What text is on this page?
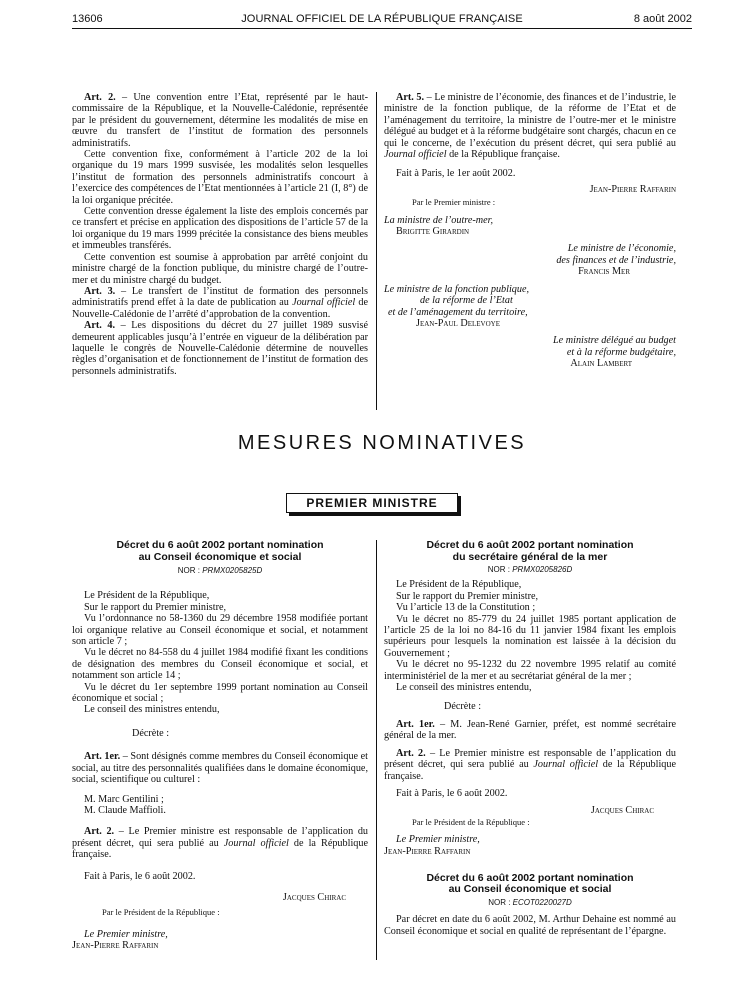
13606	JOURNAL OFFICIEL DE LA RÉPUBLIQUE FRANÇAISE	8 août 2002

Art. 2. – Une convention entre l’Etat, représenté par le haut-commissaire de la République, et la Nouvelle-Calédonie, représentée par le président du gouvernement, détermine les modalités de mise en œuvre du transfert de l’institut de formation des personnels administratifs.

Cette convention fixe, conformément à l’article 202 de la loi organique du 19 mars 1999 susvisée, les modalités selon lesquelles l’institut de formation des personnels administratifs concourt à l’exercice des compétences de l’Etat mentionnées à l’article 21 (I, 8°) de la loi organique précitée.

Cette convention dresse également la liste des emplois concernés par ce transfert et précise en application des dispositions de l’article 57 de la loi organique du 19 mars 1999 précitée la consistance des biens meubles et immeubles transférés.

Cette convention est soumise à approbation par arrêté conjoint du ministre chargé de la fonction publique, du ministre chargé de l’outre-mer et du ministre chargé du budget.

Art. 3. – Le transfert de l’institut de formation des personnels administratifs prend effet à la date de publication au Journal officiel de Nouvelle-Calédonie de l’arrêté d’approbation de la convention.

Art. 4. – Les dispositions du décret du 27 juillet 1989 susvisé demeurent applicables jusqu’à l’entrée en vigueur de la délibération par laquelle le congrès de Nouvelle-Calédonie détermine de nouvelles règles d’organisation et de fonctionnement de l’institut de formation des personnels administratifs.

Art. 5. – Le ministre de l’économie, des finances et de l’industrie, le ministre de la fonction publique, de la réforme de l’Etat et de l’aménagement du territoire, la ministre de l’outre-mer et le ministre délégué au budget et à la réforme budgétaire sont chargés, chacun en ce qui le concerne, de l’exécution du présent décret, qui sera publié au Journal officiel de la République française.

Fait à Paris, le 1er août 2002.

Jean-Pierre Raffarin

Par le Premier ministre :

La ministre de l’outre-mer,

Brigitte Girardin

Le ministre de l’économie,

des finances et de l’industrie,

Francis Mer

Le ministre de la fonction publique,

de la réforme de l’Etat

et de l’aménagement du territoire,

Jean-Paul Delevoye

Le ministre délégué au budget

et à la réforme budgétaire,

Alain Lambert

MESURES NOMINATIVES
PREMIER MINISTRE
Décret du 6 août 2002 portant nomination
au Conseil économique et social
NOR : PRMX0205825D

Le Président de la République,

Sur le rapport du Premier ministre,

Vu l’ordonnance no 58-1360 du 29 décembre 1958 modifiée portant loi organique relative au Conseil économique et social, et notamment son article 7 ;

Vu le décret no 84-558 du 4 juillet 1984 modifié fixant les conditions de désignation des membres du Conseil économique et social, et notamment son article 14 ;

Vu le décret du 1er septembre 1999 portant nomination au Conseil économique et social ;

Le conseil des ministres entendu,

Décrète :

Art. 1er. – Sont désignés comme membres du Conseil économique et social, au titre des personnalités qualifiées dans le domaine économique, social, scientifique ou culturel :

M. Marc Gentilini ;

M. Claude Maffioli.

Art. 2. – Le Premier ministre est responsable de l’application du présent décret, qui sera publié au Journal officiel de la République française.

Fait à Paris, le 6 août 2002.

Jacques Chirac

Par le Président de la République :

Le Premier ministre,

Jean-Pierre Raffarin

Décret du 6 août 2002 portant nomination
du secrétaire général de la mer
NOR : PRMX0205826D

Le Président de la République,

Sur le rapport du Premier ministre,

Vu l’article 13 de la Constitution ;

Vu le décret no 85-779 du 24 juillet 1985 portant application de l’article 25 de la loi no 84-16 du 11 janvier 1984 fixant les emplois supérieurs pour lesquels la nomination est laissée à la décision du Gouvernement ;

Vu le décret no 95-1232 du 22 novembre 1995 relatif au comité interministériel de la mer et au secrétariat général de la mer ;

Le conseil des ministres entendu,

Décrète :

Art. 1er. – M. Jean-René Garnier, préfet, est nommé secrétaire général de la mer.

Art. 2. – Le Premier ministre est responsable de l’application du présent décret, qui sera publié au Journal officiel de la République française.

Fait à Paris, le 6 août 2002.

Jacques Chirac

Par le Président de la République :

Le Premier ministre,

Jean-Pierre Raffarin

Décret du 6 août 2002 portant nomination
au Conseil économique et social
NOR : ECOT0220027D

Par décret en date du 6 août 2002, M. Arthur Dehaine est nommé au Conseil économique et social en qualité de représentant de l’épargne.
